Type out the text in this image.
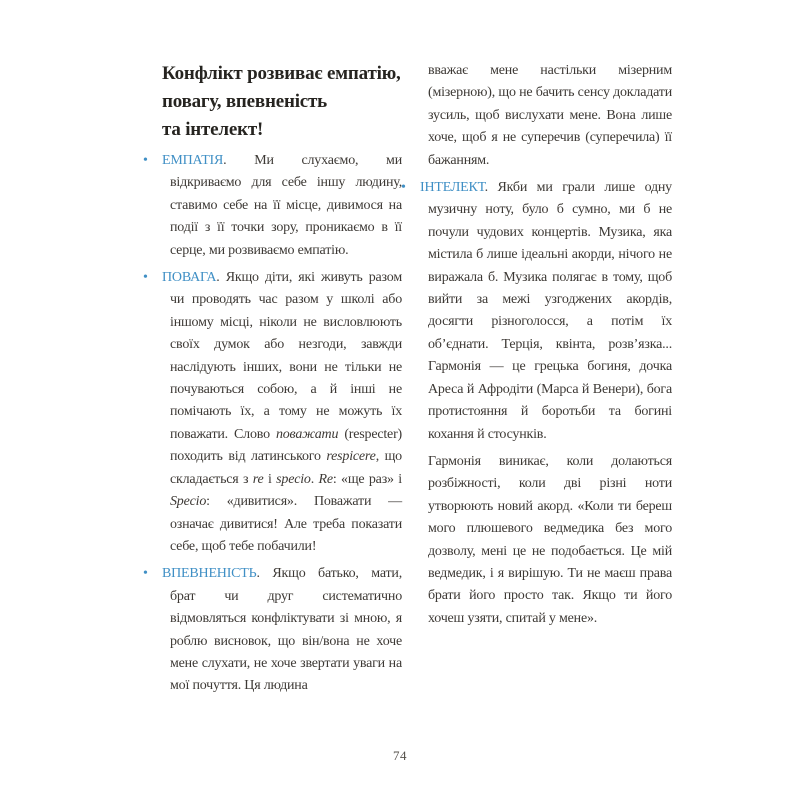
Конфлікт розвиває емпатію,
повагу, впевненість
та інтелект!

• ЕМПАТІЯ. Ми слухаємо, ми відкриваємо для себе іншу людину, ставимо себе на її місце, дивимося на події з її точки зору, проникаємо в її серце, ми розвиваємо емпатію.

• ПОВАГА. Якщо діти, які живуть разом чи проводять час разом у школі або іншому місці, ніколи не висловлюють своїх думок або незгоди, завжди наслідують інших, вони не тільки не почуваються собою, а й інші не помічають їх, а тому не можуть їх поважати. Слово поважати (respecter) походить від латинського respicere, що складається з re і specio. Re: «ще раз» і Specio: «дивитися». Поважати — означає дивитися! Але треба показати себе, щоб тебе побачили!

• ВПЕВНЕНІСТЬ. Якщо батько, мати, брат чи друг систематично відмовляться конфліктувати зі мною, я роблю висновок, що він/вона не хоче мене слухати, не хоче звертати уваги на мої почуття. Ця людина

вважає мене настільки мізерним (мізерною), що не бачить сенсу докладати зусиль, щоб вислухати мене. Вона лише хоче, щоб я не суперечив (суперечила) її бажанням.

• ІНТЕЛЕКТ. Якби ми грали лише одну музичну ноту, було б сумно, ми б не почули чудових концертів. Музика, яка містила б лише ідеальні акорди, нічого не виражала б. Музика полягає в тому, щоб вийти за межі узгоджених акордів, досягти різноголосся, а потім їх об’єднати. Терція, квінта, розв’язка... Гармонія — це грецька богиня, дочка Ареса й Афродіти (Марса й Венери), бога протистояння й боротьби та богині кохання й стосунків.

Гармонія виникає, коли долаються розбіжності, коли дві різні ноти утворюють новий акорд. «Коли ти береш мого плюшевого ведмедика без мого дозволу, мені це не подобається. Це мій ведмедик, і я вирішую. Ти не маєш права брати його просто так. Якщо ти його хочеш узяти, спитай у мене».

74
